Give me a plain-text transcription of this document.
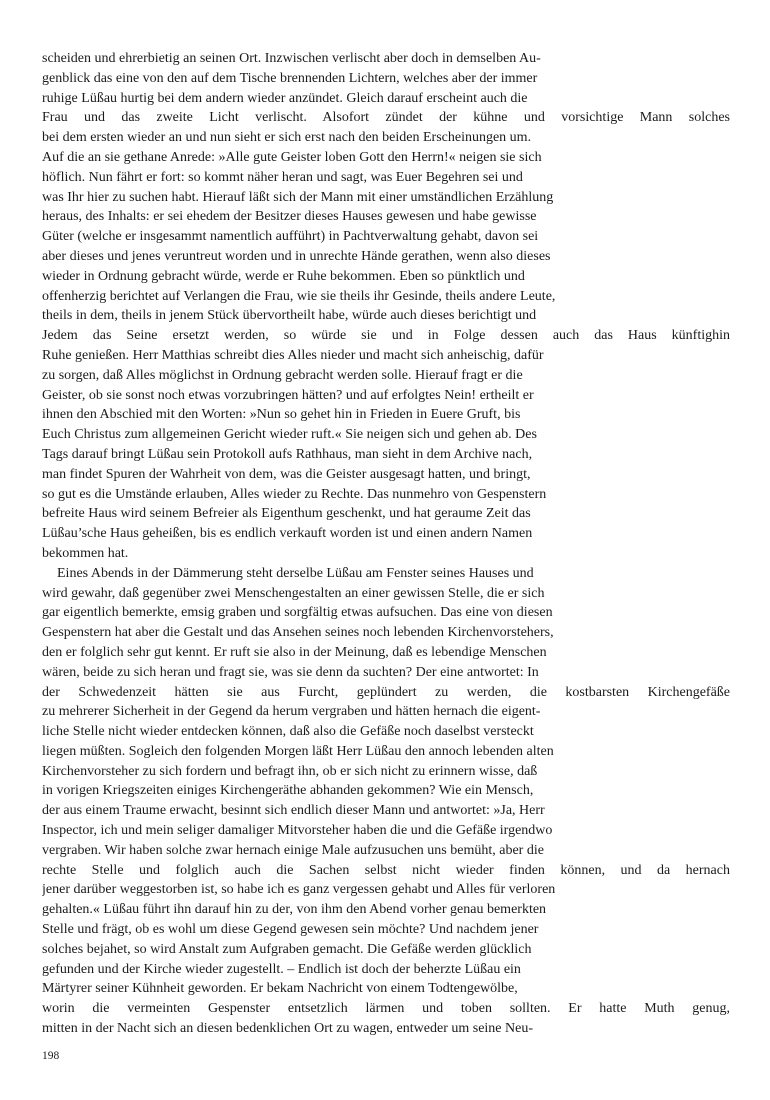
scheiden und ehrerbietig an seinen Ort. Inzwischen verlischt aber doch in demselben Au-
genblick das eine von den auf dem Tische brennenden Lichtern, welches aber der immer
ruhige Lüßau hurtig bei dem andern wieder anzündet. Gleich darauf erscheint auch die
Frau und das zweite Licht verlischt. Alsofort zündet der kühne und vorsichtige Mann solches
bei dem ersten wieder an und nun sieht er sich erst nach den beiden Erscheinungen um.
Auf die an sie gethane Anrede: »Alle gute Geister loben Gott den Herrn!« neigen sie sich
höflich. Nun fährt er fort: so kommt näher heran und sagt, was Euer Begehren sei und
was Ihr hier zu suchen habt. Hierauf läßt sich der Mann mit einer umständlichen Erzählung
heraus, des Inhalts: er sei ehedem der Besitzer dieses Hauses gewesen und habe gewisse
Güter (welche er insgesammt namentlich aufführt) in Pachtverwaltung gehabt, davon sei
aber dieses und jenes veruntreut worden und in unrechte Hände gerathen, wenn also dieses
wieder in Ordnung gebracht würde, werde er Ruhe bekommen. Eben so pünktlich und
offenherzig berichtet auf Verlangen die Frau, wie sie theils ihr Gesinde, theils andere Leute,
theils in dem, theils in jenem Stück übervortheilt habe, würde auch dieses berichtigt und
Jedem das Seine ersetzt werden, so würde sie und in Folge dessen auch das Haus künftighin
Ruhe genießen. Herr Matthias schreibt dies Alles nieder und macht sich anheischig, dafür
zu sorgen, daß Alles möglichst in Ordnung gebracht werden solle. Hierauf fragt er die
Geister, ob sie sonst noch etwas vorzubringen hätten? und auf erfolgtes Nein! ertheilt er
ihnen den Abschied mit den Worten: »Nun so gehet hin in Frieden in Euere Gruft, bis
Euch Christus zum allgemeinen Gericht wieder ruft.« Sie neigen sich und gehen ab. Des
Tags darauf bringt Lüßau sein Protokoll aufs Rathhaus, man sieht in dem Archive nach,
man findet Spuren der Wahrheit von dem, was die Geister ausgesagt hatten, und bringt,
so gut es die Umstände erlauben, Alles wieder zu Rechte. Das nunmehro von Gespenstern
befreite Haus wird seinem Befreier als Eigenthum geschenkt, und hat geraume Zeit das
Lüßau’sche Haus geheißen, bis es endlich verkauft worden ist und einen andern Namen
bekommen hat.
Eines Abends in der Dämmerung steht derselbe Lüßau am Fenster seines Hauses und
wird gewahr, daß gegenüber zwei Menschengestalten an einer gewissen Stelle, die er sich
gar eigentlich bemerkte, emsig graben und sorgfältig etwas aufsuchen. Das eine von diesen
Gespenstern hat aber die Gestalt und das Ansehen seines noch lebenden Kirchenvorstehers,
den er folglich sehr gut kennt. Er ruft sie also in der Meinung, daß es lebendige Menschen
wären, beide zu sich heran und fragt sie, was sie denn da suchten? Der eine antwortet: In
der Schwedenzeit hätten sie aus Furcht, geplündert zu werden, die kostbarsten Kirchengefäße
zu mehrerer Sicherheit in der Gegend da herum vergraben und hätten hernach die eigent-
liche Stelle nicht wieder entdecken können, daß also die Gefäße noch daselbst versteckt
liegen müßten. Sogleich den folgenden Morgen läßt Herr Lüßau den annoch lebenden alten
Kirchenvorsteher zu sich fordern und befragt ihn, ob er sich nicht zu erinnern wisse, daß
in vorigen Kriegszeiten einiges Kirchengeräthe abhanden gekommen? Wie ein Mensch,
der aus einem Traume erwacht, besinnt sich endlich dieser Mann und antwortet: »Ja, Herr
Inspector, ich und mein seliger damaliger Mitvorsteher haben die und die Gefäße irgendwo
vergraben. Wir haben solche zwar hernach einige Male aufzusuchen uns bemüht, aber die
rechte Stelle und folglich auch die Sachen selbst nicht wieder finden können, und da hernach
jener darüber weggestorben ist, so habe ich es ganz vergessen gehabt und Alles für verloren
gehalten.« Lüßau führt ihn darauf hin zu der, von ihm den Abend vorher genau bemerkten
Stelle und frägt, ob es wohl um diese Gegend gewesen sein möchte? Und nachdem jener
solches bejahet, so wird Anstalt zum Aufgraben gemacht. Die Gefäße werden glücklich
gefunden und der Kirche wieder zugestellt. – Endlich ist doch der beherzte Lüßau ein
Märtyrer seiner Kühnheit geworden. Er bekam Nachricht von einem Todtengewölbe,
worin die vermeinten Gespenster entsetzlich lärmen und toben sollten. Er hatte Muth genug,
mitten in der Nacht sich an diesen bedenklichen Ort zu wagen, entweder um seine Neu-
198
